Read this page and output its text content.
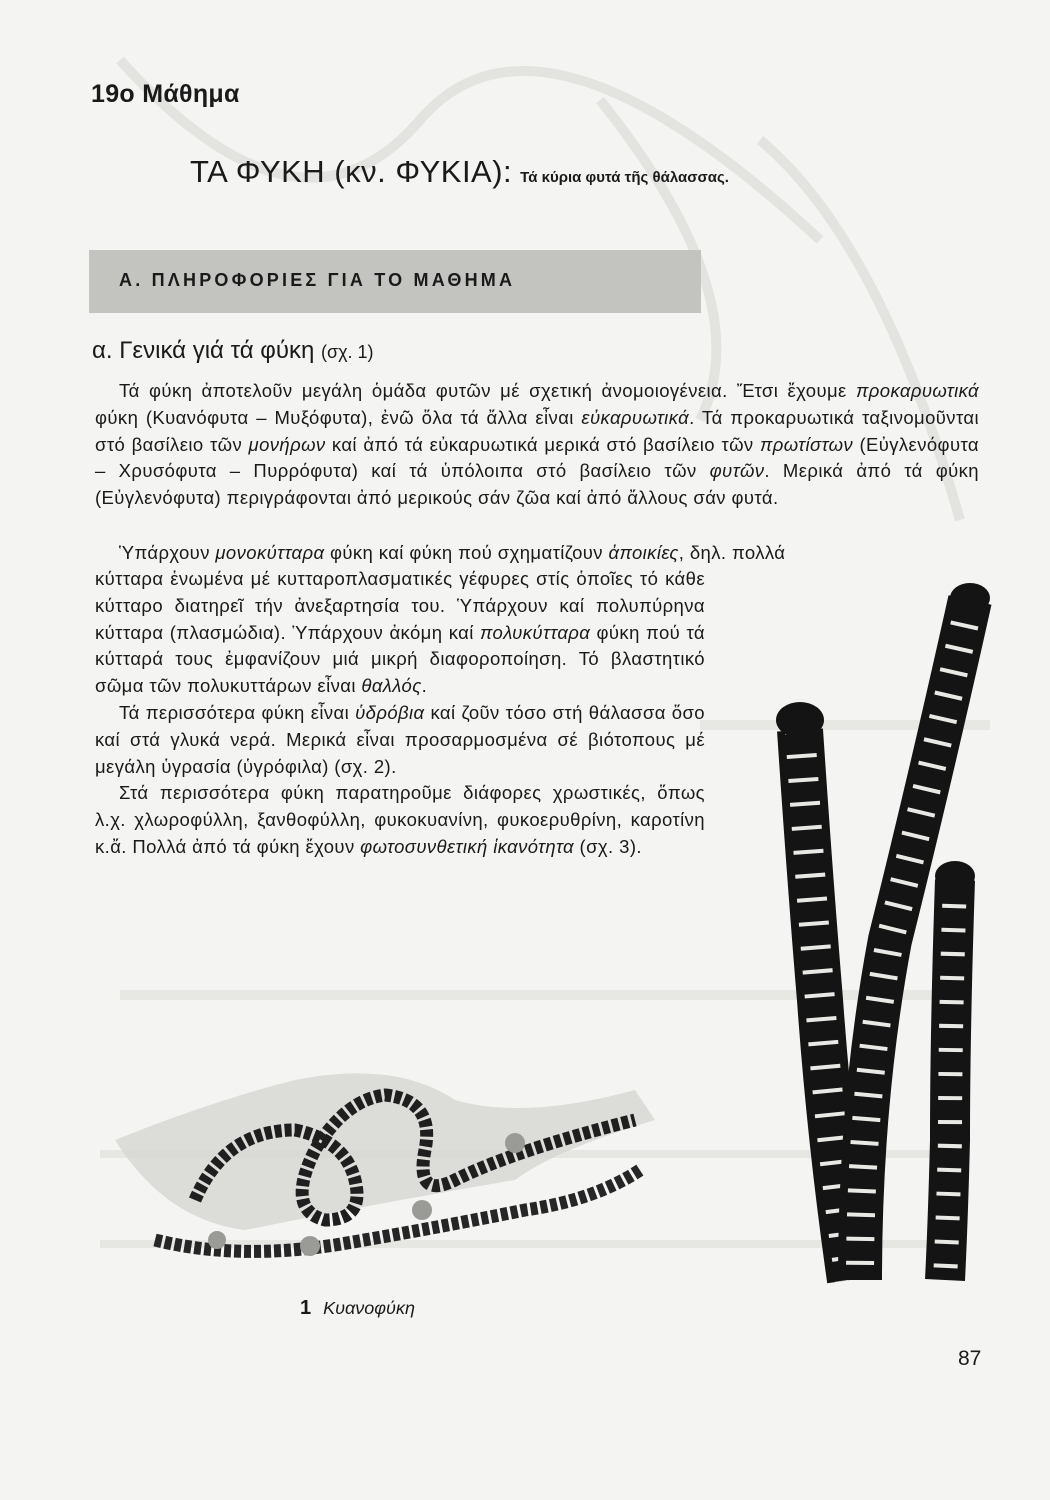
19ο Μάθημα
ΤΑ ΦΥΚΗ (κν. ΦΥΚΙΑ): Τά κύρια φυτά τῆς θάλασσας.
Α. ΠΛΗΡΟΦΟΡΙΕΣ ΓΙΑ ΤΟ ΜΑΘΗΜΑ
α. Γενικά γιά τά φύκη (σχ. 1)

Τά φύκη ἀποτελοῦν μεγάλη ὁμάδα φυτῶν μέ σχετική ἀνομοιογένεια. Ἔτσι ἔχουμε προκαρυωτικά φύκη (Κυανόφυτα – Μυξόφυτα), ἐνῶ ὅλα τά ἄλλα εἶναι εὐκαρυωτικά. Τά προκαρυωτικά ταξινομοῦνται στό βασίλειο τῶν μονήρων καί ἀπό τά εὐκαρυωτικά μερικά στό βασίλειο τῶν πρωτίστων (Εὐγλενόφυτα – Χρυσόφυτα – Πυρρόφυτα) καί τά ὑπόλοιπα στό βασίλειο τῶν φυτῶν. Μερικά ἀπό τά φύκη (Εὐγλενόφυτα) περιγράφονται ἀπό μερικούς σάν ζῶα καί ἀπό ἄλλους σάν φυτά.

Ὑπάρχουν μονοκύτταρα φύκη καί φύκη πού σχηματίζουν ἀποικίες, δηλ. πολλά

κύτταρα ἑνωμένα μέ κυτταροπλασματικές γέφυρες στίς ὁποῖες τό κάθε κύτταρο διατηρεῖ τήν ἀνεξαρτησία του. Ὑπάρχουν καί πολυπύρηνα κύτταρα (πλασμώδια). Ὑπάρχουν ἀκόμη καί πολυκύτταρα φύκη πού τά κύτταρά τους ἐμφανίζουν μιά μικρή διαφοροποίηση. Τό βλαστητικό σῶμα τῶν πολυκυττάρων εἶναι θαλλός.

Τά περισσότερα φύκη εἶναι ὑδρόβια καί ζοῦν τόσο στή θάλασσα ὅσο καί στά γλυκά νερά. Μερικά εἶναι προσαρμοσμένα σέ βιότοπους μέ μεγάλη ὑγρασία (ὑγρόφιλα) (σχ. 2).

Στά περισσότερα φύκη παρατηροῦμε διάφορες χρωστικές, ὅπως λ.χ. χλωροφύλλη, ξανθοφύλλη, φυκοκυανίνη, φυκοερυθρίνη, καροτίνη κ.ἄ. Πολλά ἀπό τά φύκη ἔχουν φωτοσυνθετική ἱκανότητα (σχ. 3).

1 Κυανοφύκη
87
